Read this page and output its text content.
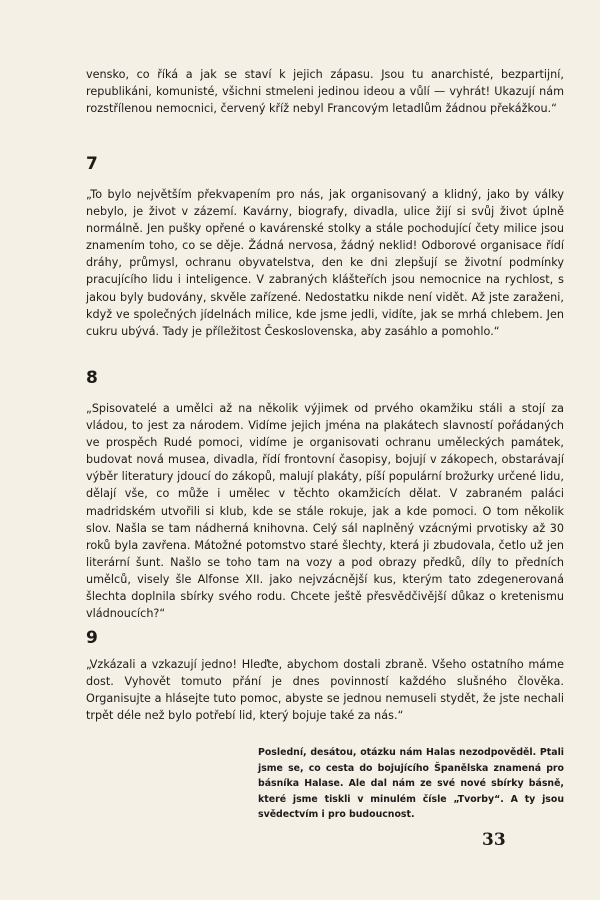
vensko, co říká a jak se staví k jejich zápasu. Jsou tu anarchisté, bezpartijní, republikáni, komunisté, všichni stmeleni jedinou ideou a vůlí — vyhrát! Ukazují nám rozstřílenou nemocnici, červený kříž nebyl Francovým letadlům žádnou překážkou.“
7
„To bylo největším překvapením pro nás, jak organisovaný a klidný, jako by války nebylo, je život v zázemí. Kavárny, biografy, divadla, ulice žijí si svůj život úplně normálně. Jen pušky opřené o kavárenské stolky a stále pochodující čety milice jsou znamením toho, co se děje. Žádná nervosa, žádný neklid! Odborové organisace řídí dráhy, průmysl, ochranu obyvatelstva, den ke dni zlepšují se životní podmínky pracujícího lidu i inteligence. V zabraných klášteřích jsou nemocnice na rychlost, s jakou byly budovány, skvěle zařízené. Nedostatku nikde není vidět. Až jste zaraženi, když ve společných jídelnách milice, kde jsme jedli, vidíte, jak se mrhá chlebem. Jen cukru ubývá. Tady je příležitost Československa, aby zasáhlo a pomohlo.“
8
„Spisovatelé a umělci až na několik výjimek od prvého okamžiku stáli a stojí za vládou, to jest za národem. Vidíme jejich jména na plakátech slavností pořádaných ve prospěch Rudé pomoci, vidíme je organisovati ochranu uměleckých památek, budovat nová musea, divadla, řídí frontovní časopisy, bojují v zákopech, obstarávají výběr literatury jdoucí do zákopů, malují plakáty, píší populární brožurky určené lidu, dělají vše, co může i umělec v těchto okamžicích dělat. V zabraném paláci madridském utvořili si klub, kde se stále rokuje, jak a kde pomoci. O tom několik slov. Našla se tam nádherná knihovna. Celý sál naplněný vzácnými prvotisky až 30 roků byla zavřena. Mátožné potomstvo staré šlechty, která ji zbudovala, četlo už jen literární šunt. Našlo se toho tam na vozy a pod obrazy předků, díly to předních umělců, visely šle Alfonse XII. jako nejvzácnější kus, kterým tato zdegenerovaná šlechta doplnila sbírky svého rodu. Chcete ještě přesvědčivější důkaz o kretenismu vládnoucích?“
9
„Vzkázali a vzkazují jedno! Hleďte, abychom dostali zbraně. Všeho ostatního máme dost. Vyhovět tomuto přání je dnes povinností každého slušného člověka. Organisujte a hlásejte tuto pomoc, abyste se jednou nemuseli stydět, že jste nechali trpět déle než bylo potřebí lid, který bojuje také za nás.“
Poslední, desátou, otázku nám Halas nezodpověděl. Ptali jsme se, co cesta do bojujícího Španělska znamená pro básníka Halase. Ale dal nám ze své nové sbírky básně, které jsme tiskli v minulém čísle „Tvorby“. A ty jsou svědectvím i pro budoucnost.
33
